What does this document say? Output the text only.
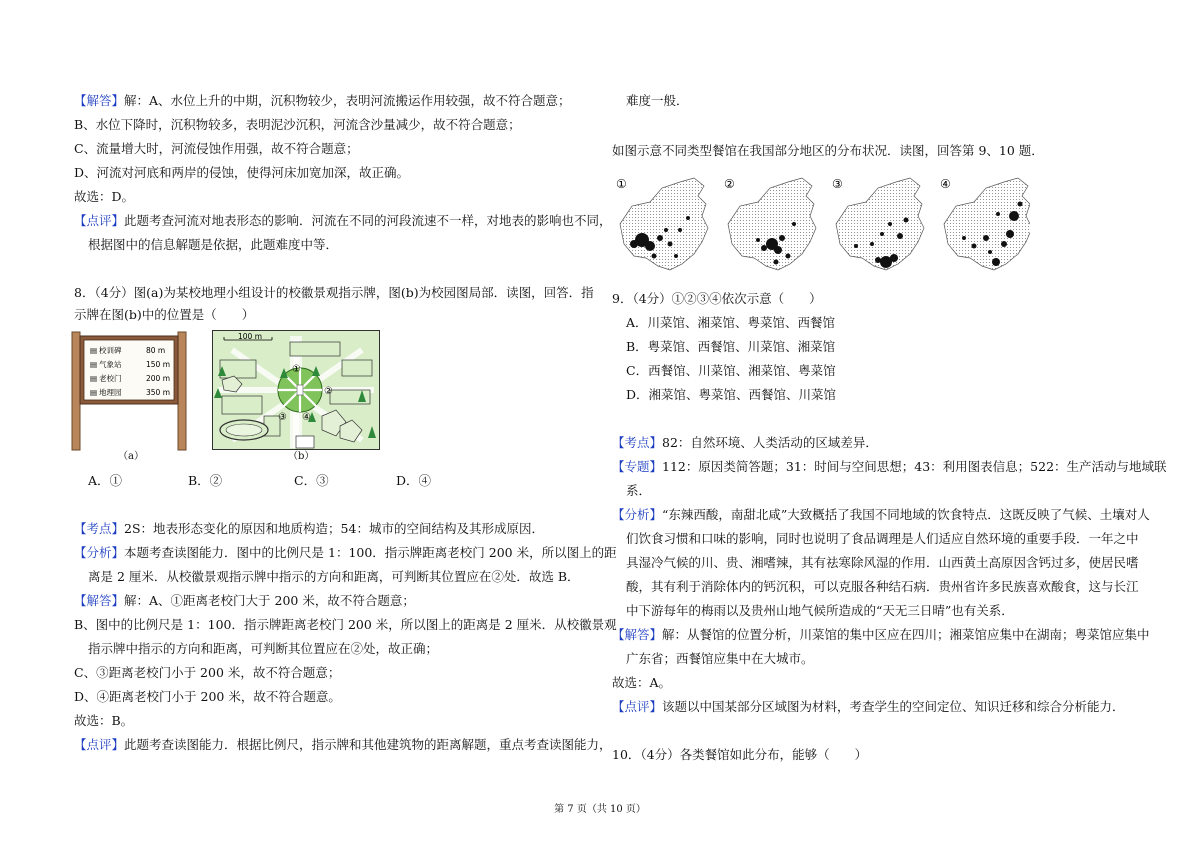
【解答】解：A、水位上升的中期，沉积物较少，表明河流搬运作用较强，故不符合题意；
B、水位下降时，沉积物较多，表明泥沙沉积，河流含沙量减少，故不符合题意；
C、流量增大时，河流侵蚀作用强，故不符合题意；
D、河流对河底和两岸的侵蚀，使得河床加宽加深，故正确。
故选：D。
【点评】此题考查河流对地表形态的影响．河流在不同的河段流速不一样，对地表的影响也不同，
根据图中的信息解题是依据，此题难度中等．
8．（4分）图(a)为某校地理小组设计的校徽景观指示牌，图(b)为校园图局部．读图，回答．指
示牌在图(b)中的位置是（　　）
▤ 校训碑	80 m
▤ 气象站	150 m
▤ 老校门	200 m
▤ 地理园	350 m
（a）
100 m
①
②
③ ④
（b）
A．①	B．②	C．③	D．④
【考点】2S：地表形态变化的原因和地质构造；54：城市的空间结构及其形成原因．
【分析】本题考查读图能力．图中的比例尺是 1：100．指示牌距离老校门 200 米，所以图上的距
离是 2 厘米．从校徽景观指示牌中指示的方向和距离，可判断其位置应在②处．故选 B．
【解答】解：A、①距离老校门大于 200 米，故不符合题意；
B、图中的比例尺是 1：100．指示牌距离老校门 200 米，所以图上的距离是 2 厘米．从校徽景观
指示牌中指示的方向和距离，可判断其位置应在②处，故正确；
C、③距离老校门小于 200 米，故不符合题意；
D、④距离老校门小于 200 米，故不符合题意。
故选：B。
【点评】此题考查读图能力．根据比例尺，指示牌和其他建筑物的距离解题，重点考查读图能力，
难度一般．
如图示意不同类型餐馆在我国部分地区的分布状况．读图，回答第 9、10 题．
①	②	③	④
9．（4分）①②③④依次示意（　　）
A．川菜馆、湘菜馆、粤菜馆、西餐馆
B．粤菜馆、西餐馆、川菜馆、湘菜馆
C．西餐馆、川菜馆、湘菜馆、粤菜馆
D．湘菜馆、粤菜馆、西餐馆、川菜馆
【考点】82：自然环境、人类活动的区域差异．
【专题】112：原因类简答题；31：时间与空间思想；43：利用图表信息；522：生产活动与地域联
系．
【分析】“东辣西酸，南甜北咸”大致概括了我国不同地域的饮食特点．这既反映了气候、土壤对人
们饮食习惯和口味的影响，同时也说明了食品调理是人们适应自然环境的重要手段．一年之中
具湿冷气候的川、贵、湘嗜辣，其有祛寒除风湿的作用．山西黄土高原因含钙过多，使居民嗜
酸，其有利于消除体内的钙沉积，可以克服各种结石病．贵州省许多民族喜欢酸食，这与长江
中下游每年的梅雨以及贵州山地气候所造成的“天无三日晴”也有关系．
【解答】解：从餐馆的位置分析，川菜馆的集中区应在四川；湘菜馆应集中在湖南；粤菜馆应集中
广东省；西餐馆应集中在大城市。
故选：A。
【点评】该题以中国某部分区域图为材料，考查学生的空间定位、知识迁移和综合分析能力．
10．（4分）各类餐馆如此分布，能够（　　）
第 7 页（共 10 页）
